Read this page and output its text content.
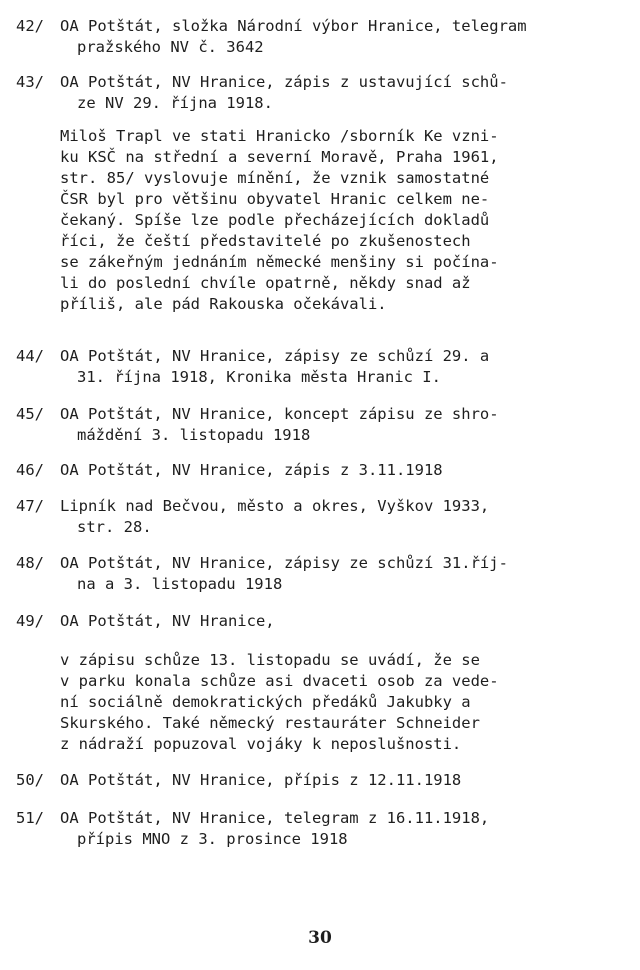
42/	OA Potštát, složka Národní výbor Hranice, telegram
pražského NV č. 3642
43/	OA Potštát, NV Hranice, zápis z ustavující schů-
ze NV 29. října 1918.
Miloš Trapl ve stati Hranicko /sborník Ke vzni-
ku KSČ na střední a severní Moravě, Praha 1961,
str. 85/ vyslovuje mínění, že vznik samostatné
ČSR byl pro většinu obyvatel Hranic celkem ne-
čekaný. Spíše lze podle přecházejících dokladů
říci, že čeští představitelé po zkušenostech
se zákeřným jednáním německé menšiny si počína-
li do poslední chvíle opatrně, někdy snad až
příliš, ale pád Rakouska očekávali.
44/	OA Potštát, NV Hranice, zápisy ze schůzí 29. a
31. října 1918, Kronika města Hranic I.
45/	OA Potštát, NV Hranice, koncept zápisu ze shro-
máždění 3. listopadu 1918
46/	OA Potštát, NV Hranice, zápis z 3.11.1918
47/	Lipník nad Bečvou, město a okres, Vyškov 1933,
str. 28.
48/	OA Potštát, NV Hranice, zápisy ze schůzí 31.říj-
na a 3. listopadu 1918
49/	OA Potštát, NV Hranice,
v zápisu schůze 13. listopadu se uvádí, že se
v parku konala schůze asi dvaceti osob za vede-
ní sociálně demokratických předáků Jakubky a
Skurského. Také německý restauráter Schneider
z nádraží popuzoval vojáky k neposlušnosti.
50/	OA Potštát, NV Hranice, přípis z 12.11.1918
51/	OA Potštát, NV Hranice, telegram z 16.11.1918,
přípis MNO z 3. prosince 1918
30
